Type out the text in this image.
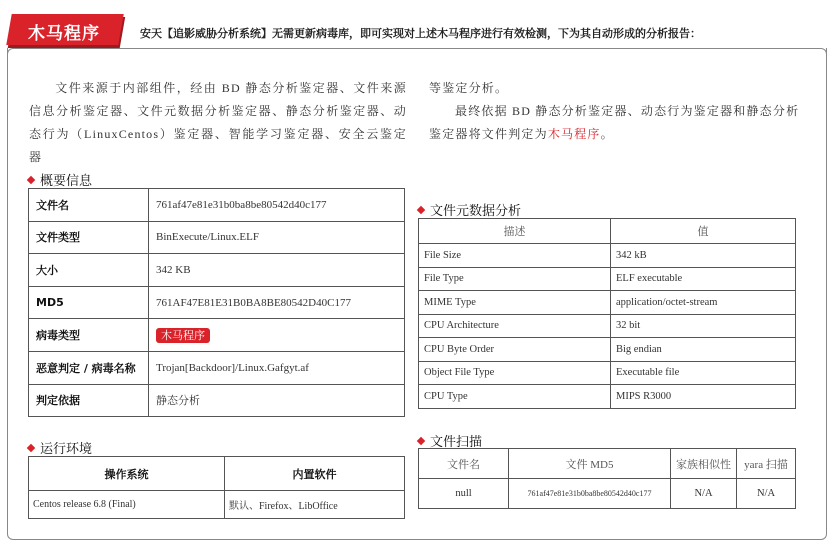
木马程序	安天【追影威胁分析系统】无需更新病毒库，即可实现对上述木马程序进行有效检测，下为其自动形成的分析报告：
文件来源于内部组件，经由 BD 静态分析鉴定器、文件来源信息分析鉴定器、文件元数据分析鉴定器、静态分析鉴定器、动态行为（LinuxCentos）鉴定器、智能学习鉴定器、安全云鉴定器
等鉴定分析。
最终依据 BD 静态分析鉴定器、动态行为鉴定器和静态分析鉴定器将文件判定为木马程序。
概要信息
文件名	761af47e81e31b0ba8be80542d40c177
文件类型	BinExecute/Linux.ELF
大小	342 KB
MD5	761AF47E81E31B0BA8BE80542D40C177
病毒类型	木马程序
恶意判定 / 病毒名称	Trojan[Backdoor]/Linux.Gafgyt.af
判定依据	静态分析
文件元数据分析
描述	值
File Size	342 kB
File Type	ELF executable
MIME Type	application/octet-stream
CPU Architecture	32 bit
CPU Byte Order	Big endian
Object File Type	Executable file
CPU Type	MIPS R3000
运行环境
操作系统	内置软件
Centos release 6.8 (Final)	默认、Firefox、LibOffice
文件扫描
文件名	文件 MD5	家族相似性	yara 扫描
null	761af47e81e31b0ba8be80542d40c177	N/A	N/A
